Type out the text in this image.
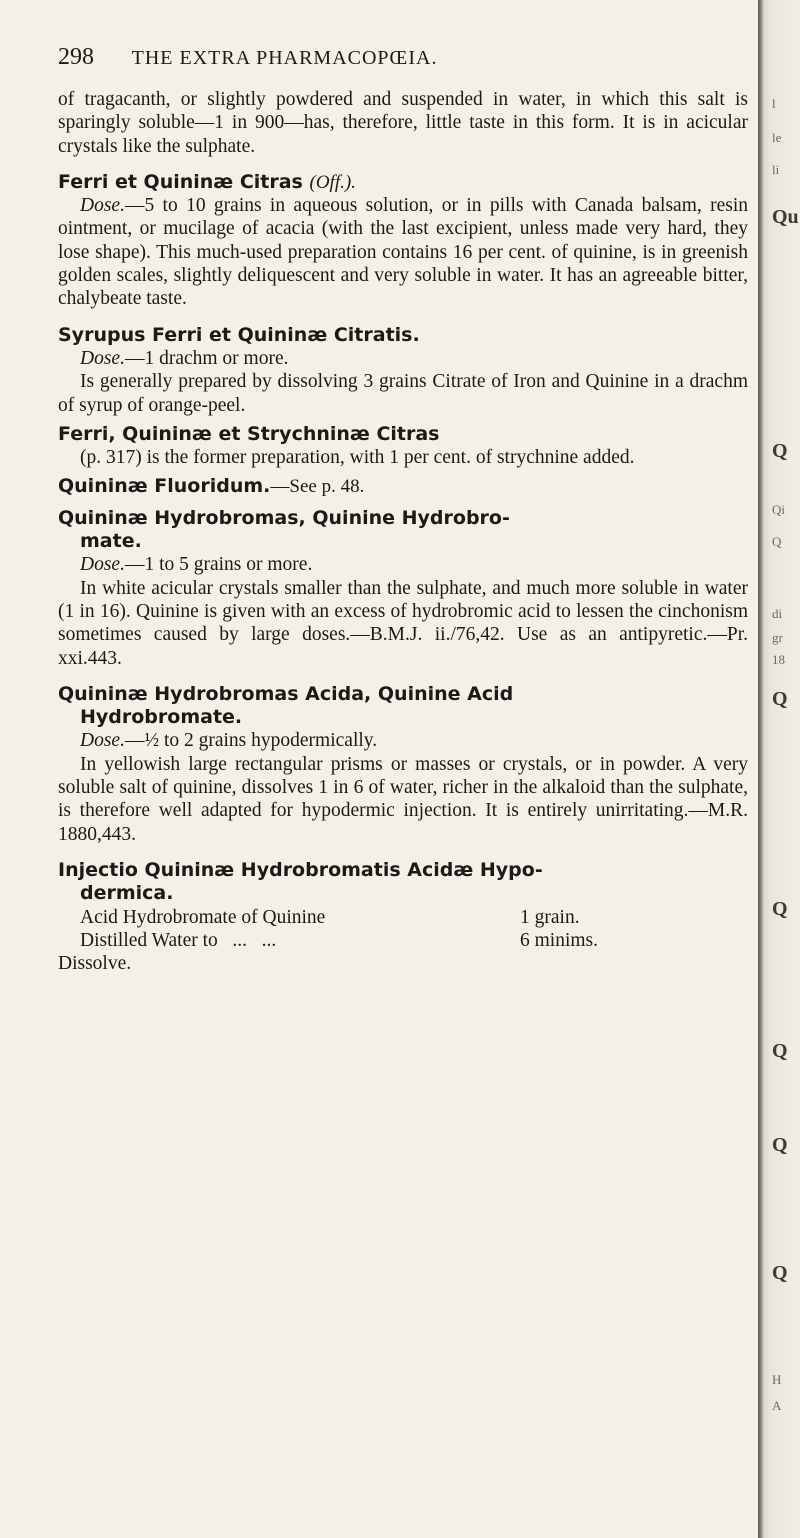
298 THE EXTRA PHARMACOPŒIA.

of tragacanth, or slightly powdered and suspended in water, in which this salt is sparingly soluble—1 in 900—has, therefore, little taste in this form. It is in acicular crystals like the sulphate.

Ferri et Quininæ Citras (Off.).

Dose.—5 to 10 grains in aqueous solution, or in pills with Canada balsam, resin ointment, or mucilage of acacia (with the last excipient, unless made very hard, they lose shape). This much-used preparation contains 16 per cent. of quinine, is in greenish golden scales, slightly deliquescent and very soluble in water. It has an agreeable bitter, chalybeate taste.

Syrupus Ferri et Quininæ Citratis.

Dose.—1 drachm or more.

Is generally prepared by dissolving 3 grains Citrate of Iron and Quinine in a drachm of syrup of orange-peel.

Ferri, Quininæ et Strychninæ Citras

(p. 317) is the former preparation, with 1 per cent. of strychnine added.

Quininæ Fluoridum.—See p. 48.

Quininæ Hydrobromas, Quinine Hydrobro-

mate.

Dose.—1 to 5 grains or more.

In white acicular crystals smaller than the sulphate, and much more soluble in water (1 in 16). Quinine is given with an excess of hydrobromic acid to lessen the cinchonism sometimes caused by large doses.—B.M.J. ii./76,42. Use as an antipyretic.—Pr. xxi.443.

Quininæ Hydrobromas Acida, Quinine Acid

Hydrobromate.

Dose.—½ to 2 grains hypodermically.

In yellowish large rectangular prisms or masses or crystals, or in powder. A very soluble salt of quinine, dissolves 1 in 6 of water, richer in the alkaloid than the sulphate, is therefore well adapted for hypodermic injection. It is entirely unirritating.—M.R. 1880,443.

Injectio Quininæ Hydrobromatis Acidæ Hypo-

dermica.

Acid Hydrobromate of Quinine	1 grain.
Distilled Water to   ...   ...	6 minims.

Dissolve.

l
le
li
Qu
Q
Qi
Q
di
gr
18
Q
Q
Q
Q
Q
H
A
